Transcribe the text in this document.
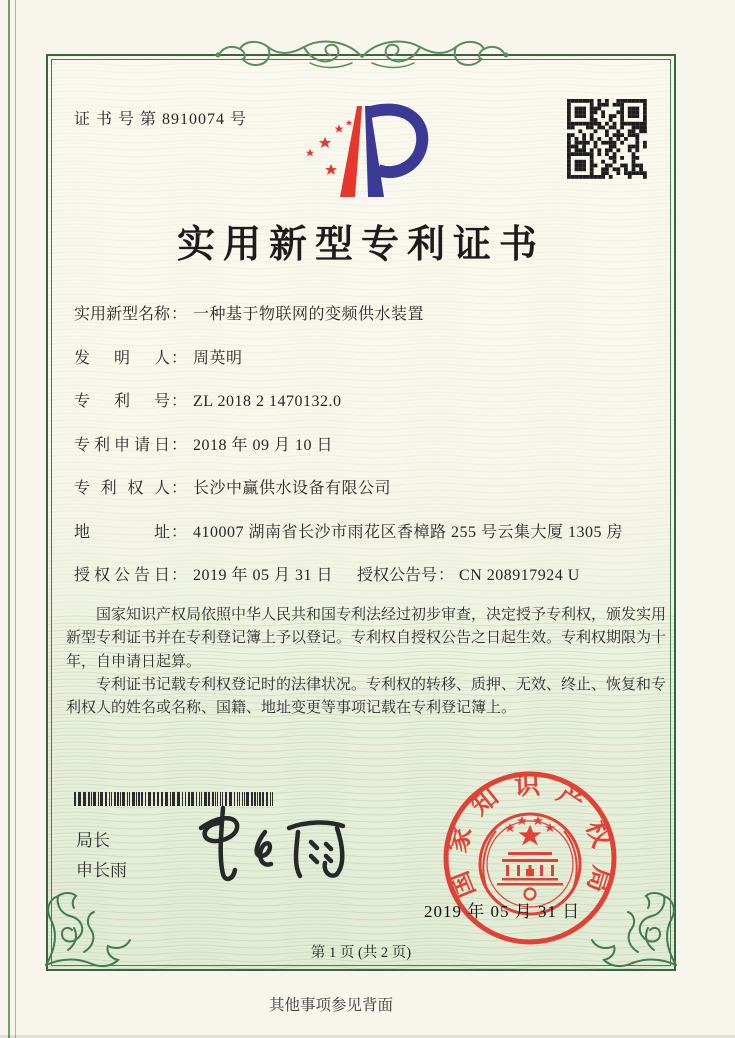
证 书 号 第 8910074 号
实用新型专利证书
实用新型名称： 一种基于物联网的变频供水装置
发明人： 周英明
专利号： ZL 2018 2 1470132.0
专利申请日： 2018 年 09 月 10 日
专利权人： 长沙中赢供水设备有限公司
地址： 410007 湖南省长沙市雨花区香樟路 255 号云集大厦 1305 房
授权公告日： 2019 年 05 月 31 日 授权公告号： CN 208917924 U

国家知识产权局依照中华人民共和国专利法经过初步审查，决定授予专利权，颁发实用新型专利证书并在专利登记簿上予以登记。专利权自授权公告之日起生效。专利权期限为十年，自申请日起算。

专利证书记载专利权登记时的法律状况。专利权的转移、质押、无效、终止、恢复和专利权人的姓名或名称、国籍、地址变更等事项记载在专利登记簿上。

局长
申长雨	国家知识产权局
2019 年 05 月 31 日
第 1 页 (共 2 页)
其他事项参见背面
